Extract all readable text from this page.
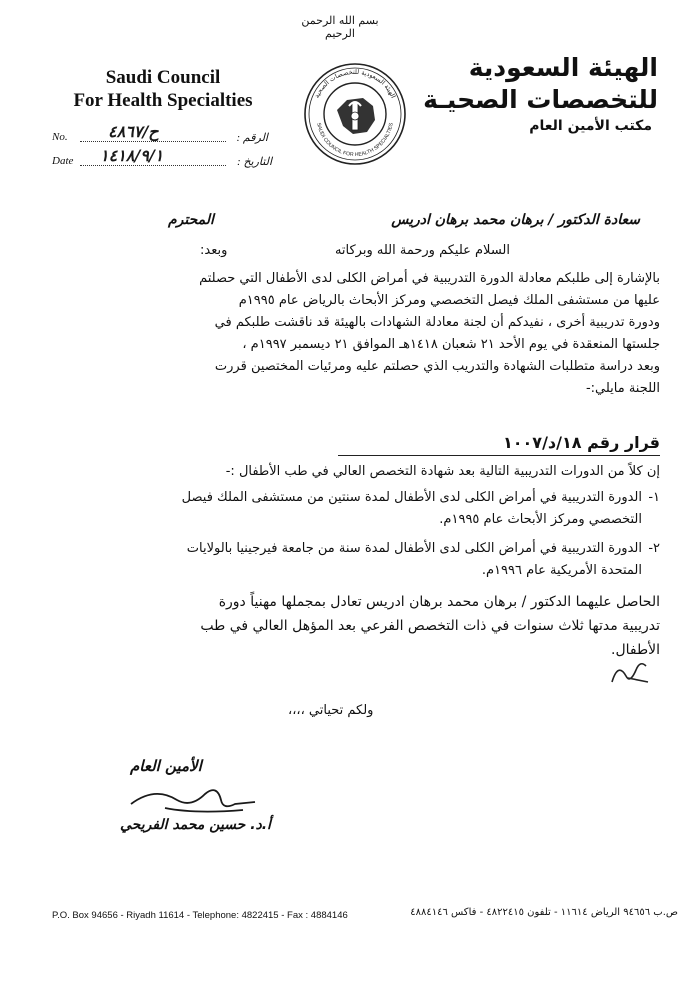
بسم الله الرحمن الرحيم
Saudi Council
For Health Specialties
الهيئة السعودية
للتخصصات الصحيـة
مكتب الأمين العام
الهيئة السعودية للتخصصات الصحية
SAUDI COUNCIL FOR HEALTH SPECIALTIES
No.	ح/٤٨٦٧	الرقم :
Date ١٤١٨/٩/١	التاريخ :
سعادة الدكتور / برهان محمد برهان ادريس
المحترم
السلام عليكم ورحمة الله وبركاته
وبعد:
بالإشارة إلى طلبكم معادلة الدورة التدريبية في أمراض الكلى لدى الأطفال التي حصلتم
عليها من مستشفى الملك فيصل التخصصي ومركز الأبحاث بالرياض عام ١٩٩٥م
ودورة تدريبية أخرى ، نفيدكم أن لجنة معادلة الشهادات بالهيئة قد ناقشت طلبكم في
جلستها المنعقدة في يوم الأحد ٢١ شعبان ١٤١٨هـ الموافق ٢١ ديسمبر ١٩٩٧م ،
وبعد دراسة متطلبات الشهادة والتدريب الذي حصلتم عليه ومرئيات المختصين قررت
اللجنة مايلي:-
قرار رقم ١٨/د/١٠٠٧
إن كلاً من الدورات التدريبية التالية بعد شهادة التخصص العالي في طب الأطفال :-
١-
الدورة التدريبية في أمراض الكلى لدى الأطفال لمدة سنتين من مستشفى الملك فيصل
التخصصي ومركز الأبحاث عام ١٩٩٥م.
٢-
الدورة التدريبية في أمراض الكلى لدى الأطفال لمدة سنة من جامعة فيرجينيا بالولايات
المتحدة الأمريكية عام ١٩٩٦م.
الحاصل عليهما الدكتور / برهان محمد برهان ادريس تعادل بمجملها مهنياً دورة
تدريبية مدتها ثلاث سنوات في ذات التخصص الفرعي بعد المؤهل العالي في طب
الأطفال.
ولكم تحياتي ،،،،
الأمين العام
أ.د. حسين محمد الفريحي
P.O. Box 94656 - Riyadh 11614 - Telephone: 4822415 - Fax : 4884146	ص.ب ٩٤٦٥٦ الرياض ١١٦١٤ - تلفون ٤٨٢٢٤١٥ - فاكس ٤٨٨٤١٤٦
